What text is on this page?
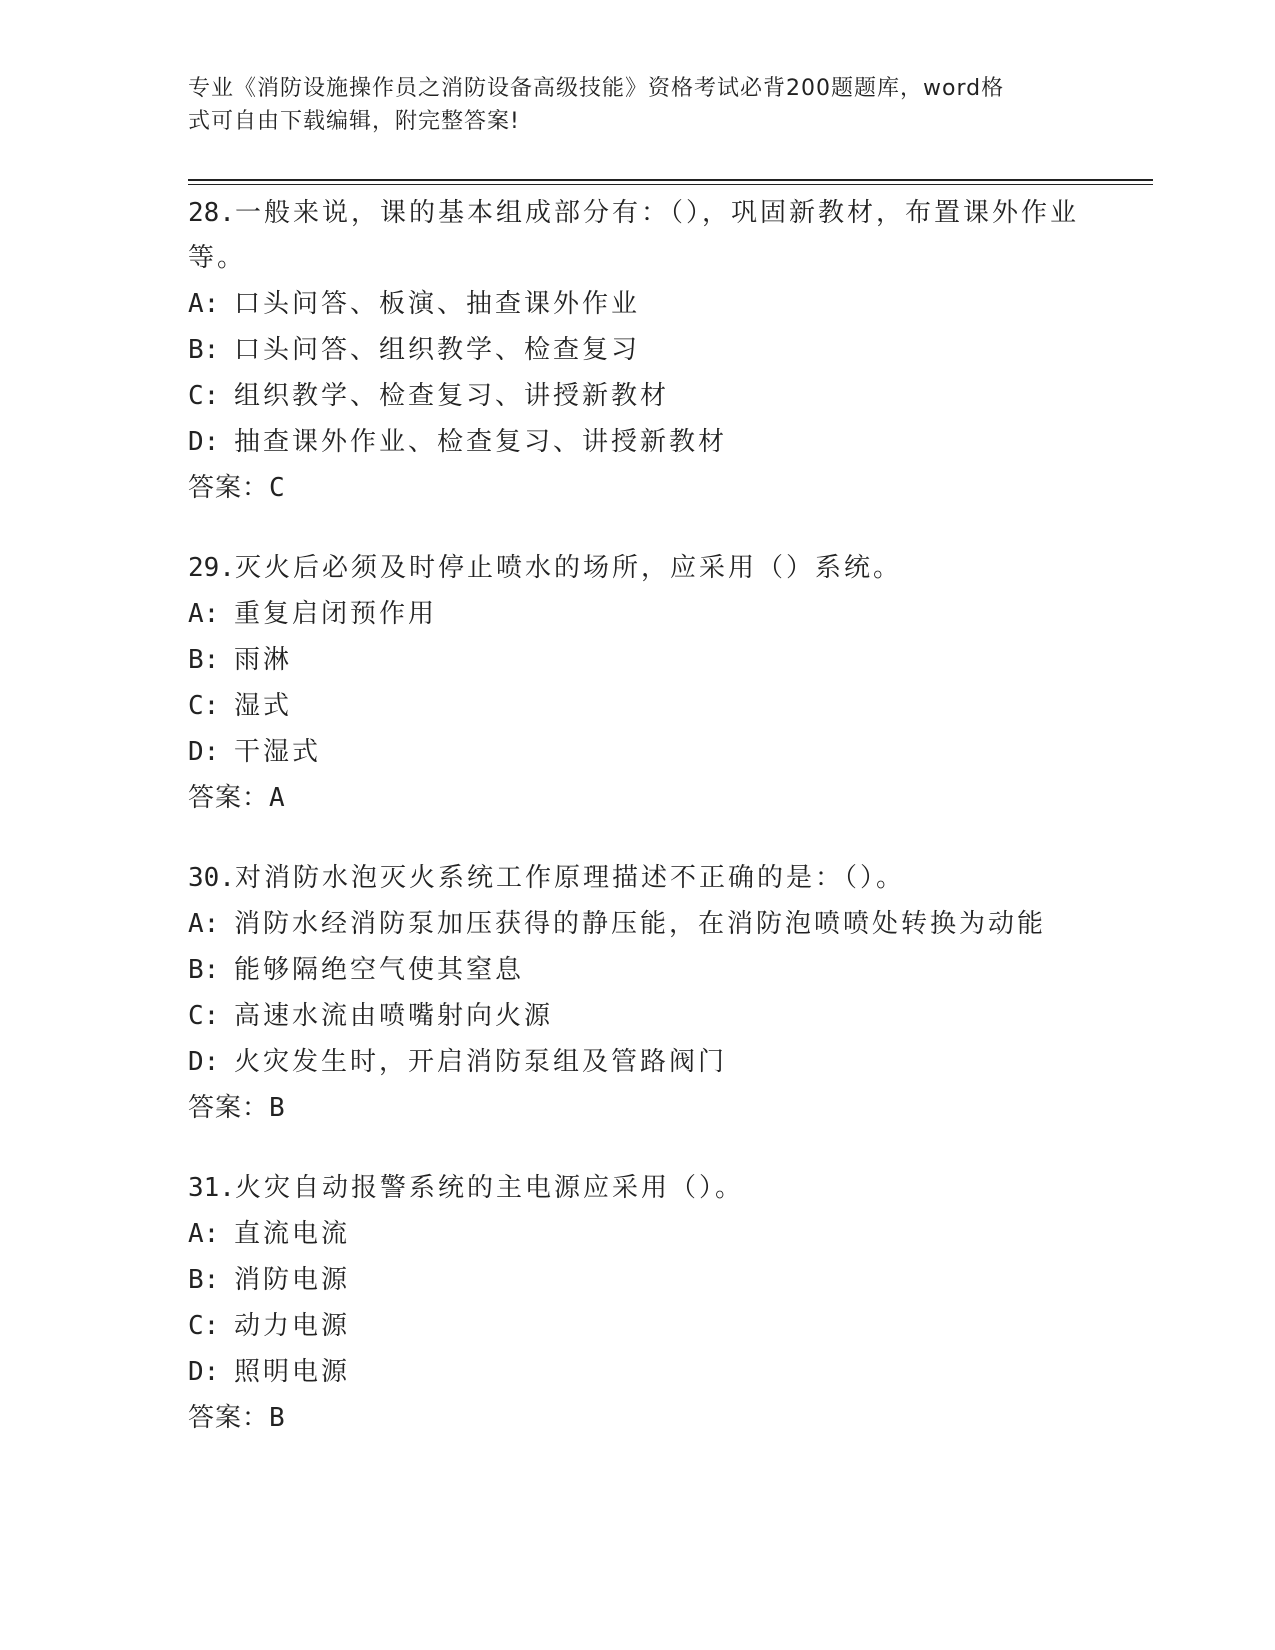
专业《消防设施操作员之消防设备高级技能》资格考试必背200题题库，word格
式可自由下载编辑，附完整答案!

28.一般来说，课的基本组成部分有：（），巩固新教材，布置课外作业等。

A: 口头问答、板演、抽查课外作业

B: 口头问答、组织教学、检查复习

C: 组织教学、检查复习、讲授新教材

D: 抽查课外作业、检查复习、讲授新教材

答案：C

29.灭火后必须及时停止喷水的场所，应采用（）系统。

A: 重复启闭预作用

B: 雨淋

C: 湿式

D: 干湿式

答案：A

30.对消防水泡灭火系统工作原理描述不正确的是：（）。

A: 消防水经消防泵加压获得的静压能，在消防泡喷喷处转换为动能

B: 能够隔绝空气使其窒息

C: 高速水流由喷嘴射向火源

D: 火灾发生时，开启消防泵组及管路阀门

答案：B

31.火灾自动报警系统的主电源应采用（）。

A: 直流电流

B: 消防电源

C: 动力电源

D: 照明电源

答案：B
